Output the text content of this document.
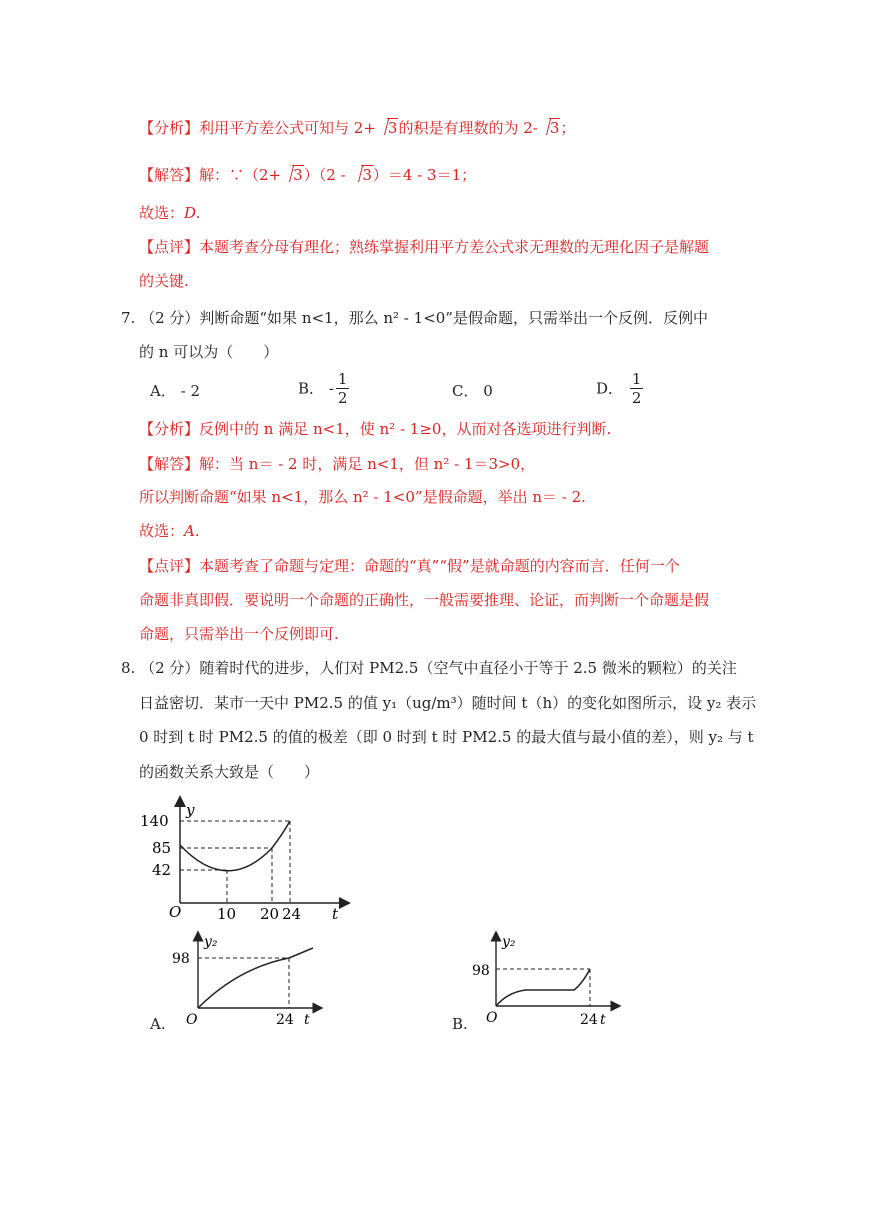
【分析】利用平方差公式可知与 2+ 3的积是有理数的为 2- 3；
【解答】解：∵（2+ 3）（2 - 3）＝4 - 3＝1；
故选：D.
【点评】本题考查分母有理化；熟练掌握利用平方差公式求无理数的无理化因子是解题
的关键.
7. （2 分）判断命题“如果 n<1，那么 n² - 1<0”是假命题，只需举出一个反例．反例中
的 n 可以为（　　）
A． - 2	B． - $\frac{1}{2}$	C． 0	D． $\frac{1}{2}$
【分析】反例中的 n 满足 n<1，使 n² - 1≥0，从而对各选项进行判断.
【解答】解：当 n＝ - 2 时，满足 n<1，但 n² - 1＝3>0，
所以判断命题“如果 n<1，那么 n² - 1<0”是假命题，举出 n＝ - 2.
故选：A.
【点评】本题考查了命题与定理：命题的“真”“假”是就命题的内容而言．任何一个
命题非真即假．要说明一个命题的正确性，一般需要推理、论证，而判断一个命题是假
命题，只需举出一个反例即可.
8. （2 分）随着时代的进步，人们对 PM2.5（空气中直径小于等于 2.5 微米的颗粒）的关注
日益密切．某市一天中 PM2.5 的值 y₁（ug/m³）随时间 t（h）的变化如图所示，设 y₂ 表示
0 时到 t 时 PM2.5 的值的极差（即 0 时到 t 时 PM2.5 的最大值与最小值的差），则 y₂ 与 t
的函数关系大致是（　　）
y
t
O
140
85
42
10 20 24
A.
y₂
98
O	24 t	B.
y₂
98
O	24 t
